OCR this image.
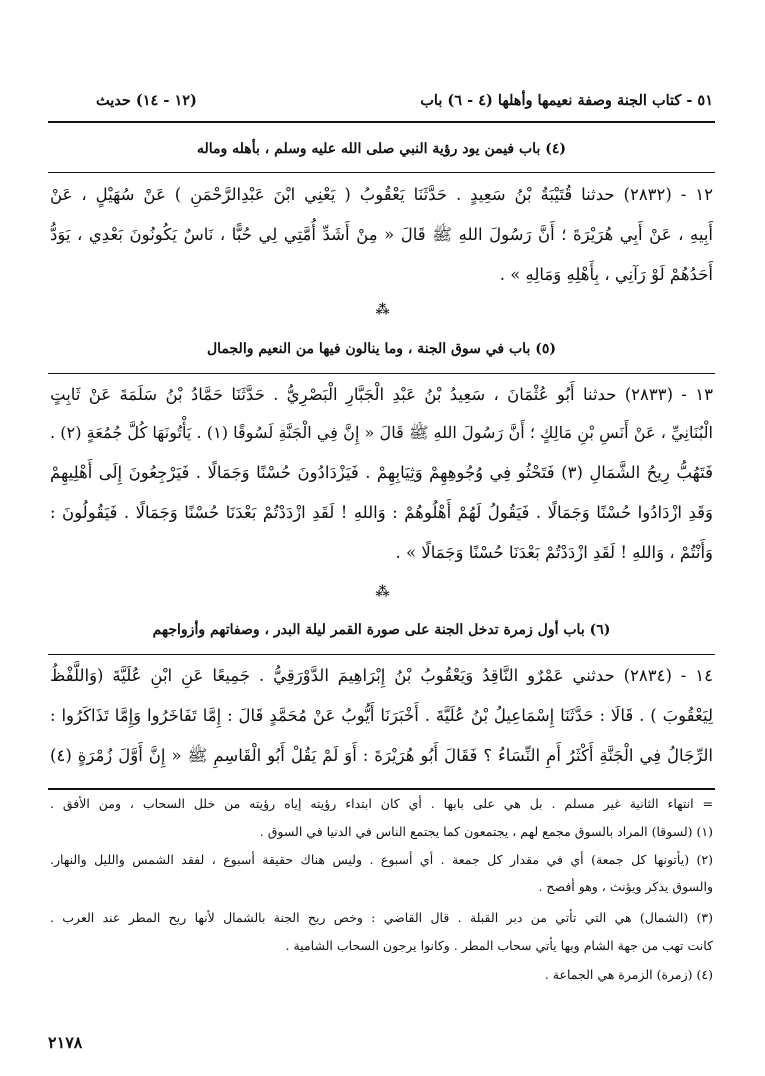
٥١ - كتاب الجنة وصفة نعيمها وأهلها (٤ - ٦) باب
(١٢ - ١٤) حديث
(٤) باب فيمن يود رؤية النبي صلى الله عليه وسلم ، بأهله وماله
١٢ - (٢٨٣٢) حدثنا قُتَيْبَةُ بْنُ سَعِيدٍ . حَدَّثَنَا يَعْقُوبُ ( يَعْنِي ابْنَ عَبْدِالرَّحْمَنِ ) عَنْ سُهَيْلٍ ، عَنْ
أَبِيهِ ، عَنْ أَبِي هُرَيْرَةَ ؛ أَنَّ رَسُولَ اللهِ ﷺ قَالَ « مِنْ أَشَدِّ أُمَّتِي لِي حُبًّا ، نَاسٌ يَكُونُونَ بَعْدِي ، يَوَدُّ
أَحَدُهُمْ لَوْ رَآنِي ، بِأَهْلِهِ وَمَالِهِ » .
⁂
(٥) باب في سوق الجنة ، وما ينالون فيها من النعيم والجمال
١٣ - (٢٨٣٣) حدثنا أَبُو عُثْمَانَ ، سَعِيدُ بْنُ عَبْدِ الْجَبَّارِ الْبَصْرِيُّ . حَدَّثَنَا حَمَّادُ بْنُ سَلَمَةَ عَنْ ثَابِتٍ
الْبُنَانِيِّ ، عَنْ أَنَسِ بْنِ مَالِكٍ ؛ أَنَّ رَسُولَ اللهِ ﷺ قَالَ « إِنَّ فِي الْجَنَّةِ لَسُوقًا (١) . يَأْتُونَهَا كُلَّ جُمُعَةٍ (٢) .
فَتَهُبُّ رِيحُ الشَّمَالِ (٣) فَتَحْثُو فِي وُجُوهِهِمْ وَثِيَابِهِمْ . فَيَزْدَادُونَ حُسْنًا وَجَمَالًا . فَيَرْجِعُونَ إِلَى أَهْلِيهِمْ
وَقَدِ ازْدَادُوا حُسْنًا وَجَمَالًا . فَيَقُولُ لَهُمْ أَهْلُوهُمْ : وَاللهِ ! لَقَدِ ازْدَدْتُمْ بَعْدَنَا حُسْنًا وَجَمَالًا . فَيَقُولُونَ :
وَأَنْتُمْ ، وَاللهِ ! لَقَدِ ازْدَدْتُمْ بَعْدَنَا حُسْنًا وَجَمَالًا » .
⁂
(٦) باب أول زمرة تدخل الجنة على صورة القمر ليلة البدر ، وصفاتهم وأزواجهم
١٤ - (٢٨٣٤) حدثني عَمْرٌو النَّاقِدُ وَيَعْقُوبُ بْنُ إِبْرَاهِيمَ الدَّوْرَقِيُّ . جَمِيعًا عَنِ ابْنِ عُلَيَّةَ (وَاللَّفْظُ
لِيَعْقُوبَ ) . قَالَا : حَدَّثَنَا إِسْمَاعِيلُ بْنُ عُلَيَّةَ . أَخْبَرَنَا أَيُّوبُ عَنْ مُحَمَّدٍ قَالَ : إِمَّا تَفَاخَرُوا وَإِمَّا تَذَاكَرُوا :
الرِّجَالُ فِي الْجَنَّةِ أَكْثَرُ أَمِ النِّسَاءُ ؟ فَقَالَ أَبُو هُرَيْرَةَ : أَوَ لَمْ يَقُلْ أَبُو الْقَاسِمِ ﷺ « إِنَّ أَوَّلَ زُمْرَةٍ (٤)
= انتهاء الثانية غير مسلم . بل هي على بابها . أي كان ابتداء رؤيته إياه رؤيته من خلل السحاب ، ومن الأفق .
(١) (لسوقا) المراد بالسوق مجمع لهم ، يجتمعون كما يجتمع الناس في الدنيا في السوق .
(٢) (يأتونها كل جمعة) أي في مقدار كل جمعة . أي أسبوع . وليس هناك حقيقة أسبوع ، لفقد الشمس والليل والنهار.
والسوق يذكر ويؤنث ، وهو أفصح .
(٣) (الشمال) هي التي تأتي من دبر القبلة . قال القاضي : وخص ريح الجنة بالشمال لأنها ريح المطر عند العرب .
كانت تهب من جهة الشام وبها يأتي سحاب المطر . وكانوا يرجون السحاب الشامية .
(٤) (زمرة) الزمرة هي الجماعة .
٢١٧٨
